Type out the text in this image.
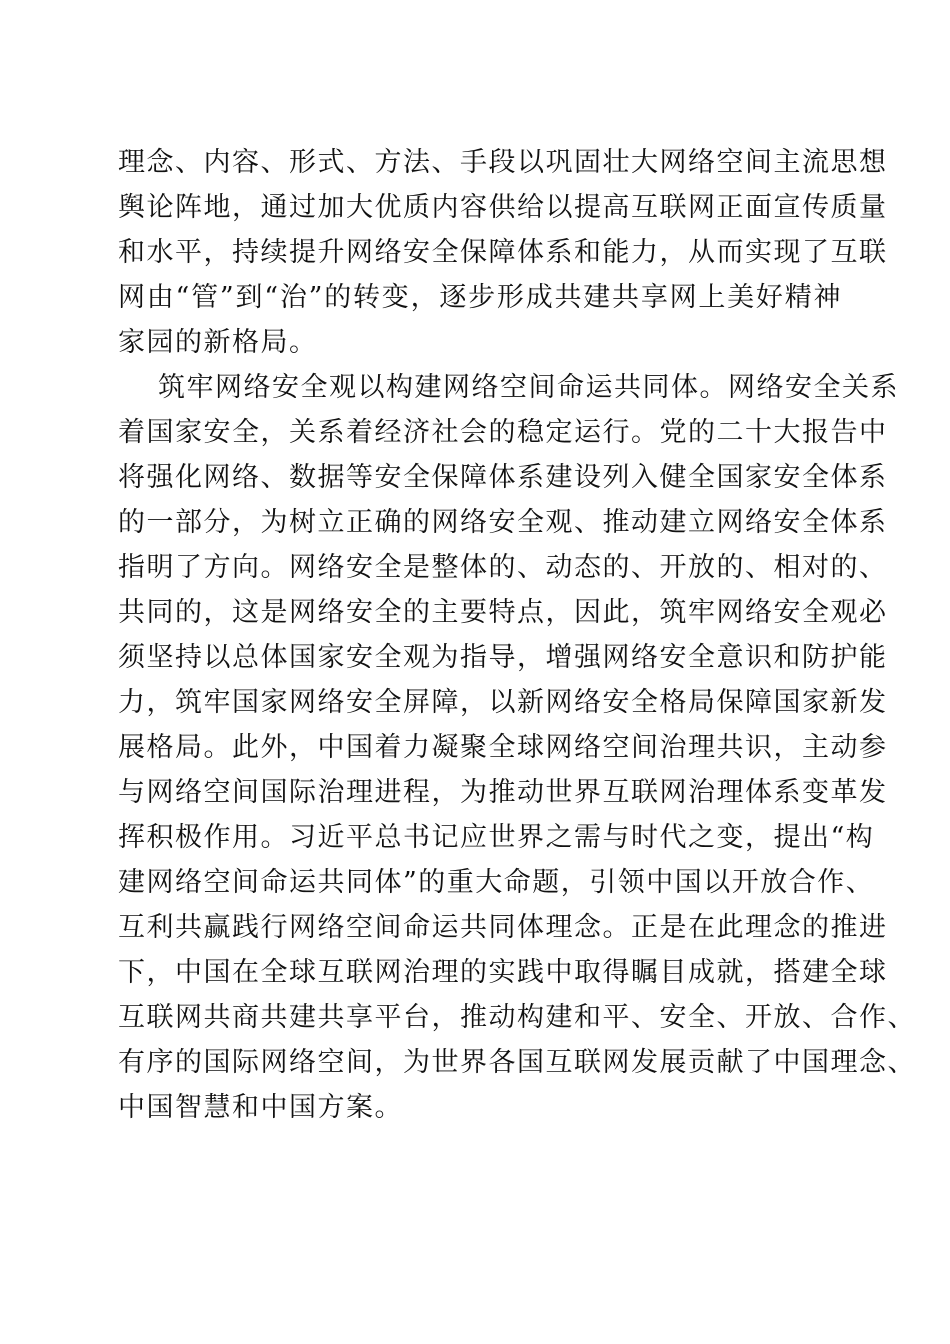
理念、内容、形式、方法、手段以巩固壮大网络空间主流思想
舆论阵地，通过加大优质内容供给以提高互联网正面宣传质量
和水平，持续提升网络安全保障体系和能力，从而实现了互联
网由“管”到“治”的转变，逐步形成共建共享网上美好精神
家园的新格局。
筑牢网络安全观以构建网络空间命运共同体。网络安全关系
着国家安全，关系着经济社会的稳定运行。党的二十大报告中
将强化网络、数据等安全保障体系建设列入健全国家安全体系
的一部分，为树立正确的网络安全观、推动建立网络安全体系
指明了方向。网络安全是整体的、动态的、开放的、相对的、
共同的，这是网络安全的主要特点，因此，筑牢网络安全观必
须坚持以总体国家安全观为指导，增强网络安全意识和防护能
力，筑牢国家网络安全屏障，以新网络安全格局保障国家新发
展格局。此外，中国着力凝聚全球网络空间治理共识，主动参
与网络空间国际治理进程，为推动世界互联网治理体系变革发
挥积极作用。习近平总书记应世界之需与时代之变，提出“构
建网络空间命运共同体”的重大命题，引领中国以开放合作、
互利共赢践行网络空间命运共同体理念。正是在此理念的推进
下，中国在全球互联网治理的实践中取得瞩目成就，搭建全球
互联网共商共建共享平台，推动构建和平、安全、开放、合作、
有序的国际网络空间，为世界各国互联网发展贡献了中国理念、
中国智慧和中国方案。
